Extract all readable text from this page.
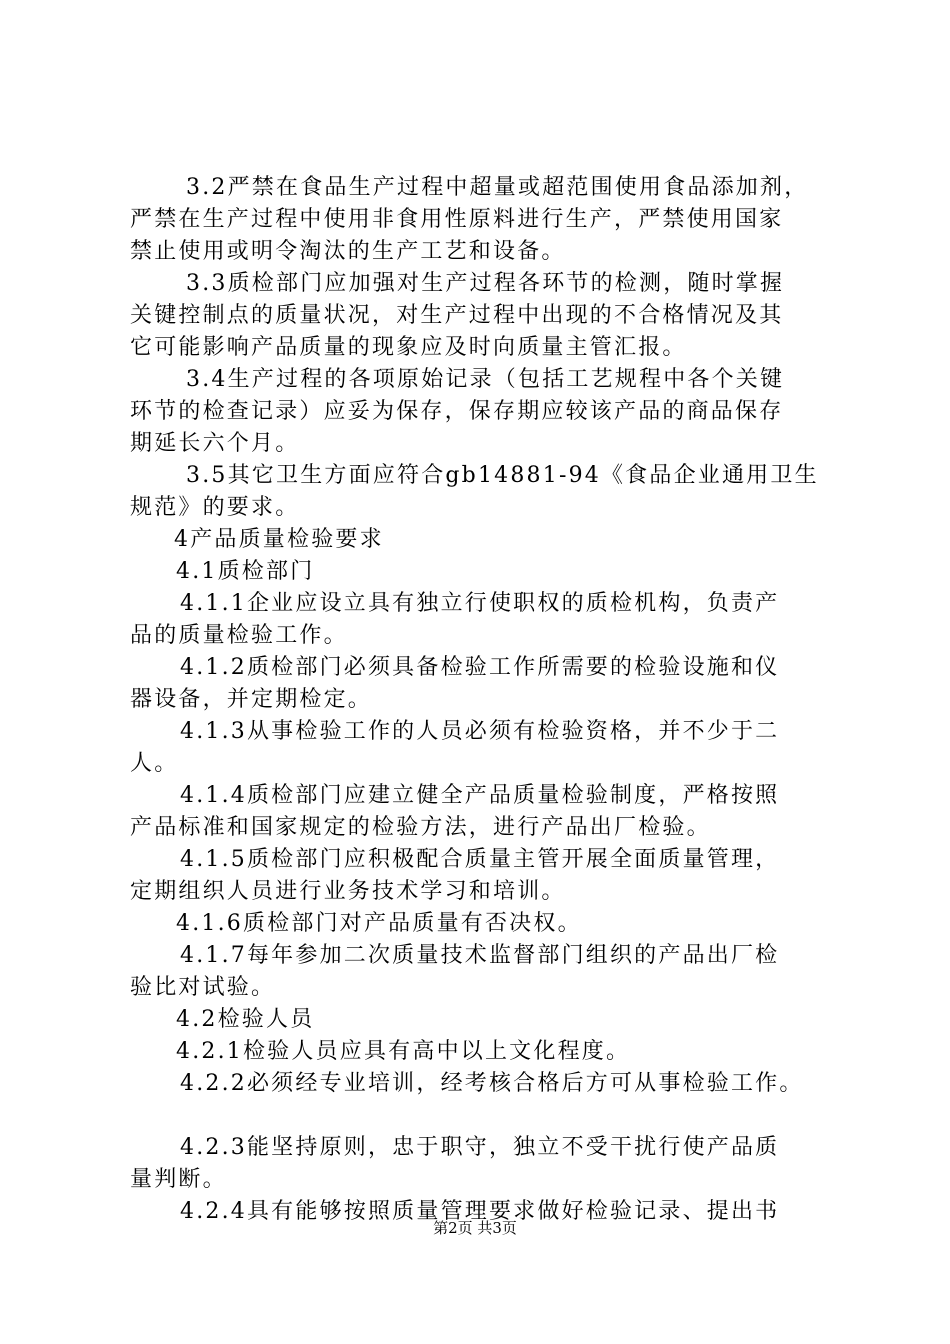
3.2严禁在食品生产过程中超量或超范围使用食品添加剂，
严禁在生产过程中使用非食用性原料进行生产，严禁使用国家
禁止使用或明令淘汰的生产工艺和设备。
3.3质检部门应加强对生产过程各环节的检测，随时掌握
关键控制点的质量状况，对生产过程中出现的不合格情况及其
它可能影响产品质量的现象应及时向质量主管汇报。
3.4生产过程的各项原始记录（包括工艺规程中各个关键
环节的检查记录）应妥为保存，保存期应较该产品的商品保存
期延长六个月。
3.5其它卫生方面应符合gb14881-94《食品企业通用卫生
规范》的要求。
4产品质量检验要求
4.1质检部门
4.1.1企业应设立具有独立行使职权的质检机构，负责产
品的质量检验工作。
4.1.2质检部门必须具备检验工作所需要的检验设施和仪
器设备，并定期检定。
4.1.3从事检验工作的人员必须有检验资格，并不少于二
人。
4.1.4质检部门应建立健全产品质量检验制度，严格按照
产品标准和国家规定的检验方法，进行产品出厂检验。
4.1.5质检部门应积极配合质量主管开展全面质量管理，
定期组织人员进行业务技术学习和培训。
4.1.6质检部门对产品质量有否决权。
4.1.7每年参加二次质量技术监督部门组织的产品出厂检
验比对试验。
4.2检验人员
4.2.1检验人员应具有高中以上文化程度。
4.2.2必须经专业培训，经考核合格后方可从事检验工作。
4.2.3能坚持原则，忠于职守，独立不受干扰行使产品质
量判断。
4.2.4具有能够按照质量管理要求做好检验记录、提出书
第2页 共3页
